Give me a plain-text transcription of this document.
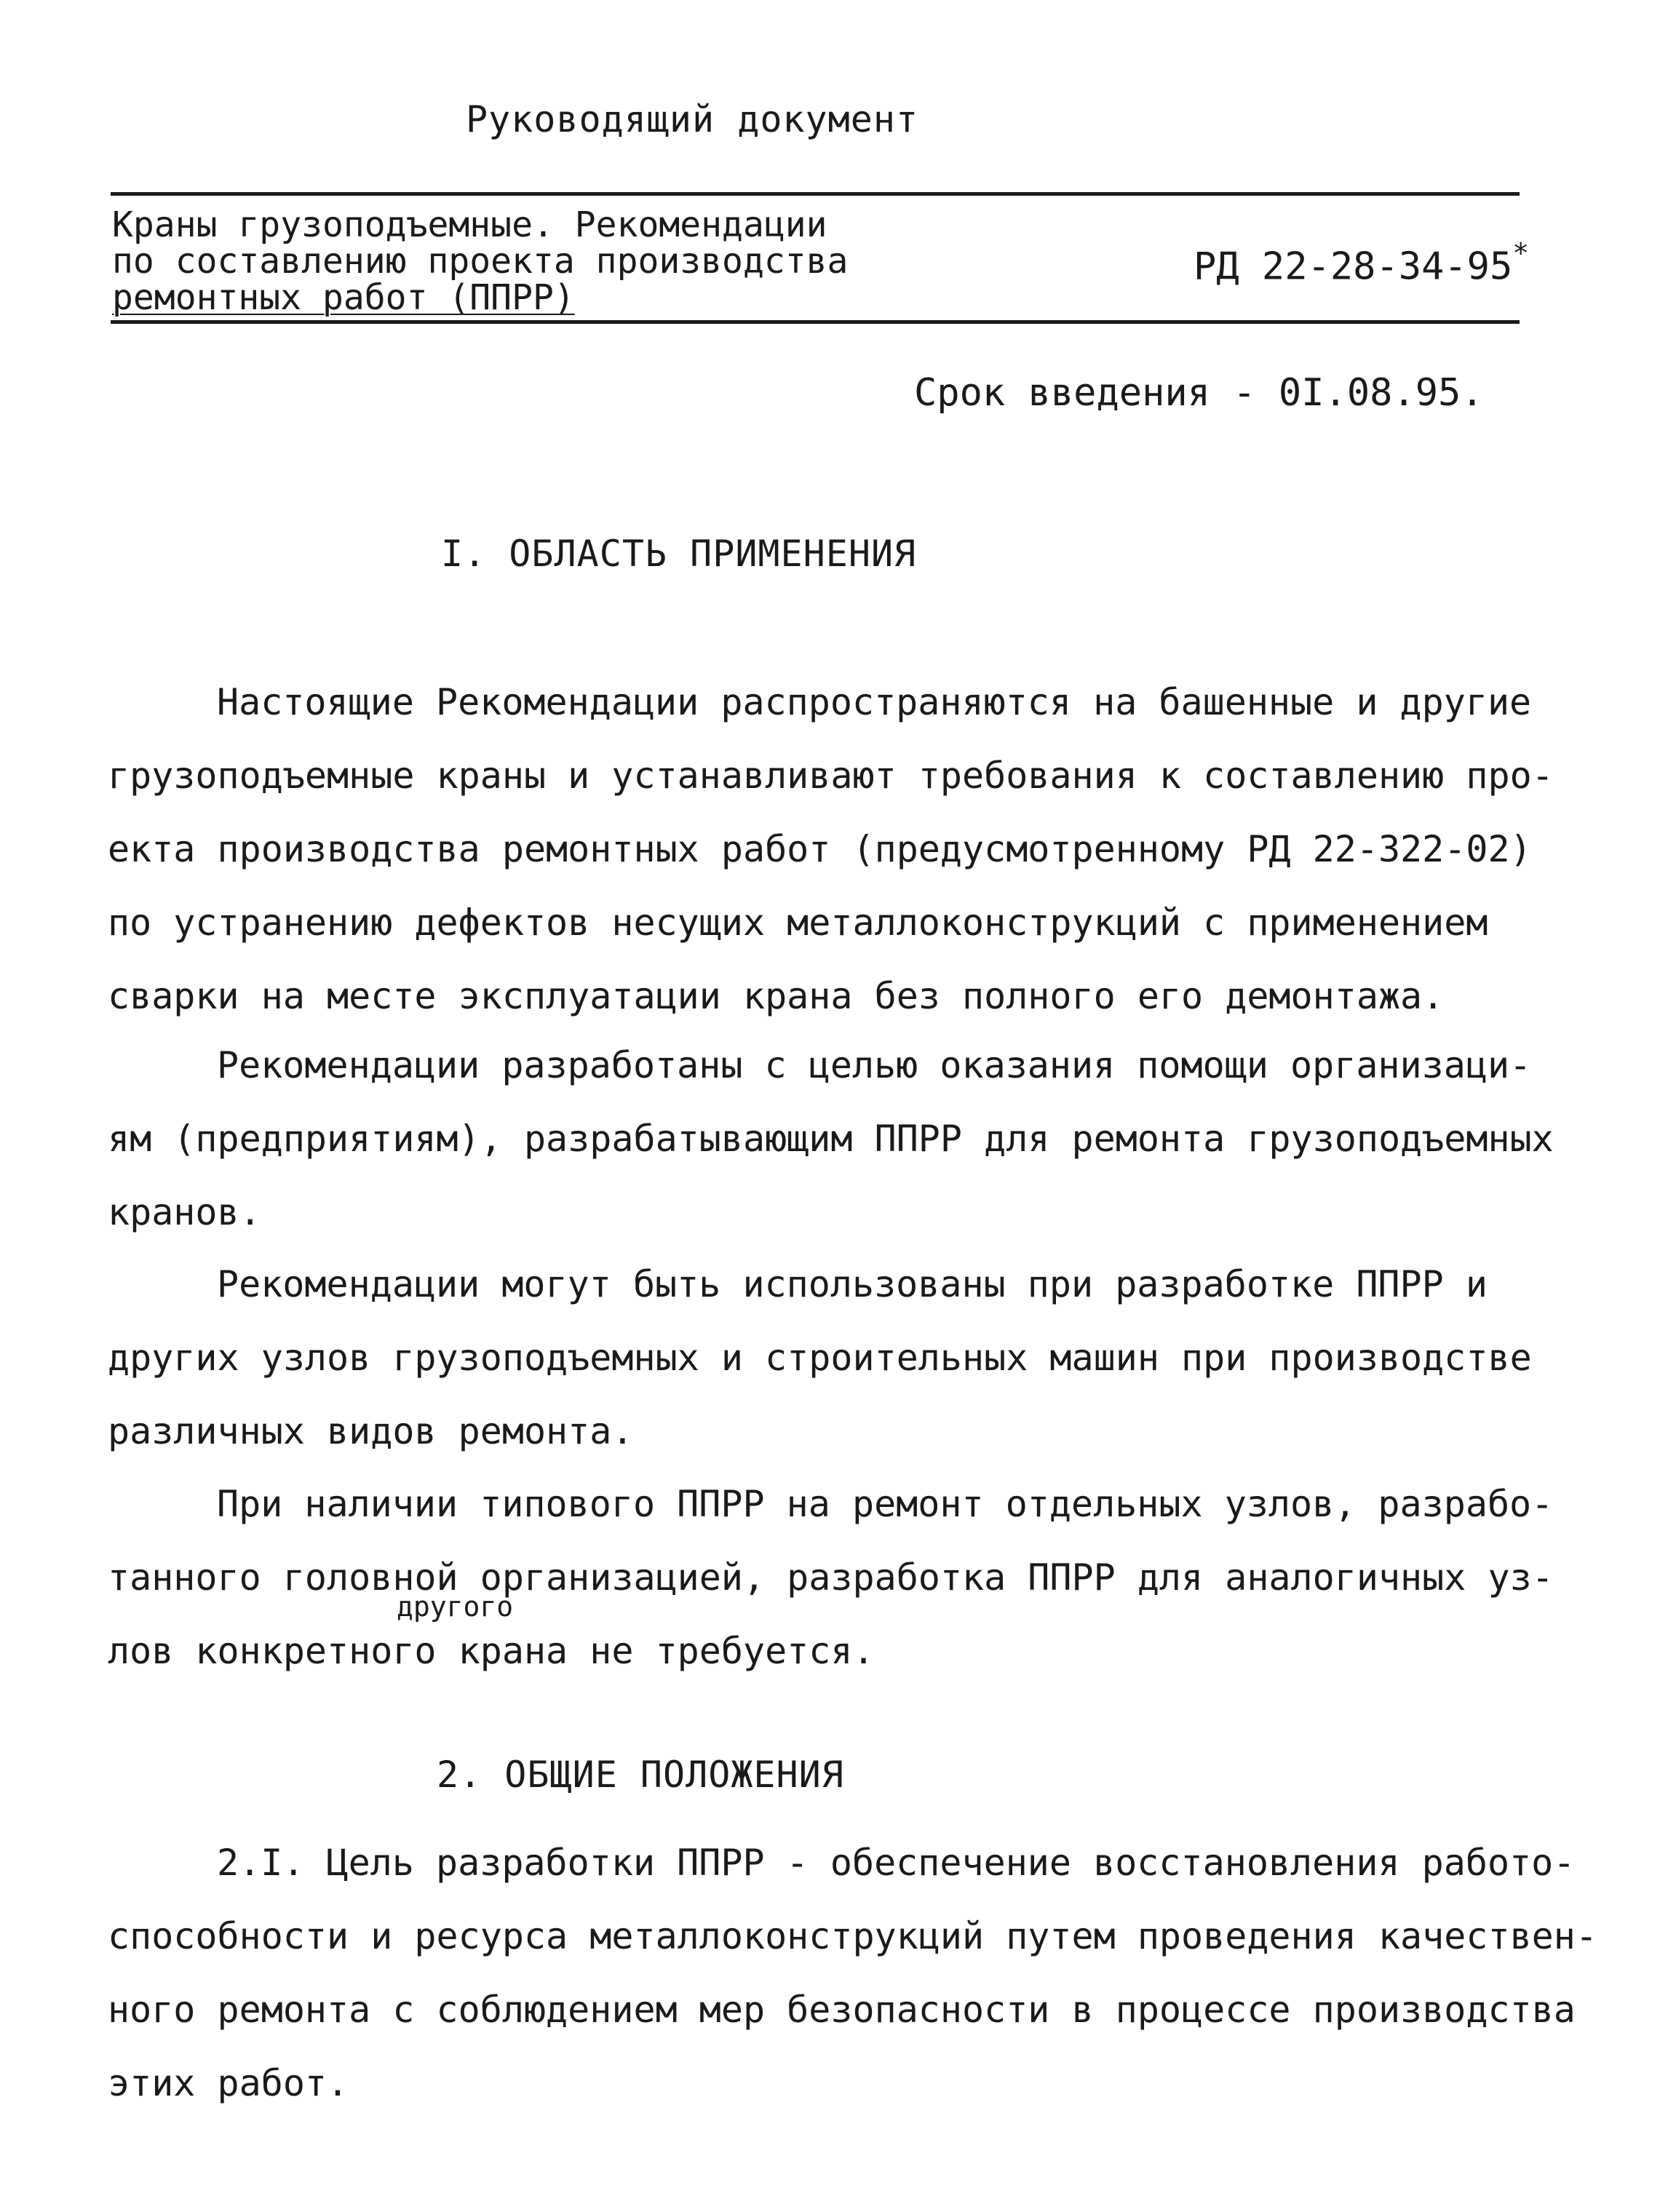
Руководящий документ
Краны грузоподъемные. Рекомендации
по составлению проекта производства
ремонтных работ (ППРР)
РД 22-28-34-95*
Срок введения - 0I.08.95.
I. ОБЛАСТЬ ПРИМЕНЕНИЯ
Настоящие Рекомендации распространяются на башенные и другие
грузоподъемные краны и устанавливают требования к составлению про-
екта производства ремонтных работ (предусмотренному РД 22-322-02)
по устранению дефектов несущих металлоконструкций с применением
сварки на месте эксплуатации крана без полного его демонтажа.
Рекомендации разработаны с целью оказания помощи организаци-
ям (предприятиям), разрабатывающим ППРР для ремонта грузоподъемных
кранов.
Рекомендации могут быть использованы при разработке ППРР и
других узлов грузоподъемных и строительных машин при производстве
различных видов ремонта.
При наличии типового ППРР на ремонт отдельных узлов, разрабо-
танного головной организацией, разработка ППРР для аналогичных уз-
лов конкретного крана не требуется.
другого
2. ОБЩИЕ ПОЛОЖЕНИЯ
2.I. Цель разработки ППРР - обеспечение восстановления работо-
способности и ресурса металлоконструкций путем проведения качествен-
ного ремонта с соблюдением мер безопасности в процессе производства
этих работ.
